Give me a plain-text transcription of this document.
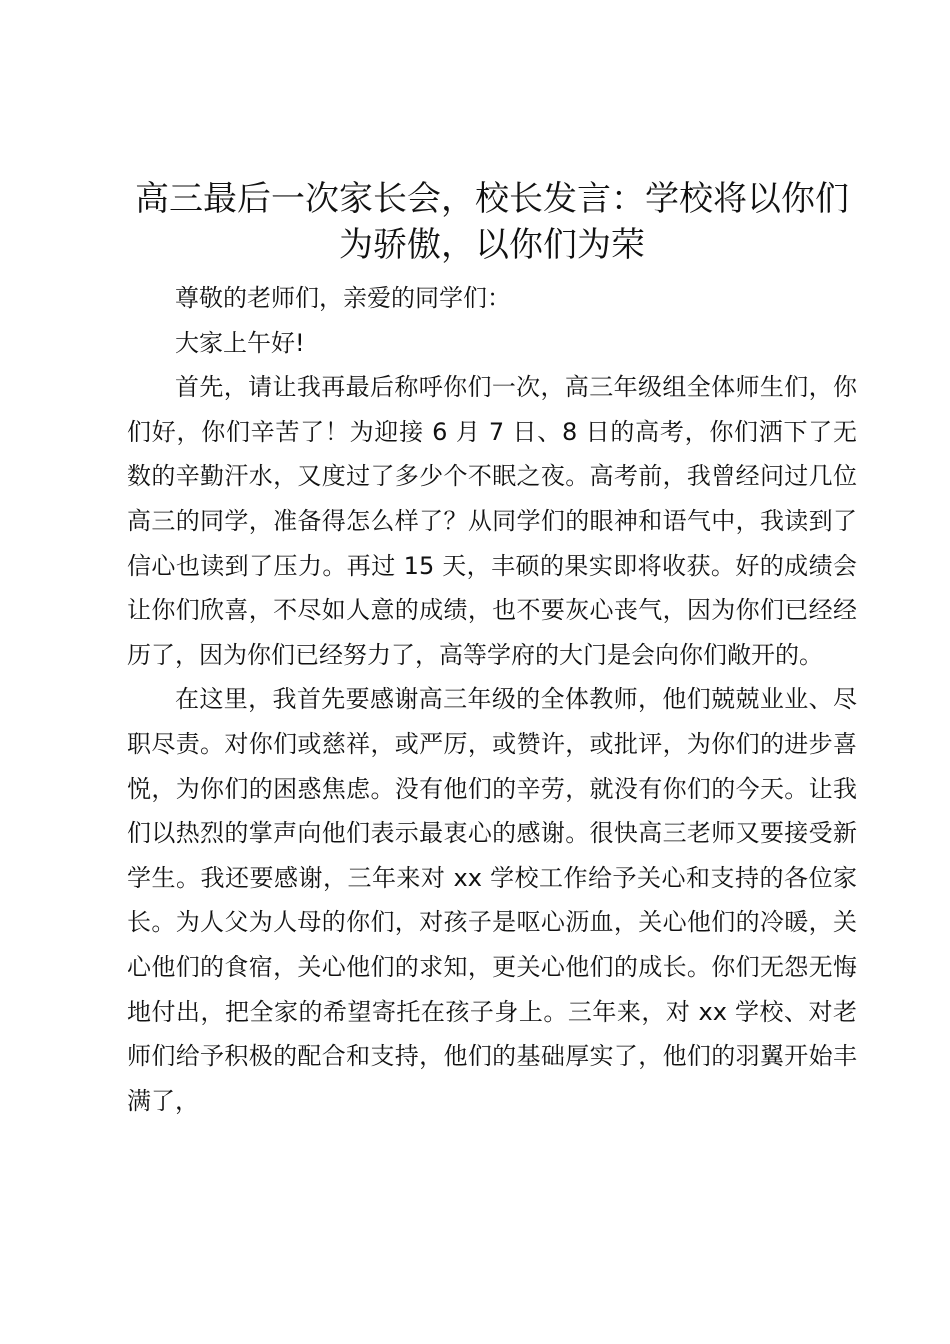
高三最后一次家长会，校长发言：学校将以你们为骄傲，以你们为荣

尊敬的老师们，亲爱的同学们：

大家上午好!

首先，请让我再最后称呼你们一次，高三年级组全体师生们，你们好，你们辛苦了！为迎接 6 月 7 日、8 日的高考，你们洒下了无数的辛勤汗水，又度过了多少个不眠之夜。高考前，我曾经问过几位高三的同学，准备得怎么样了？从同学们的眼神和语气中，我读到了信心也读到了压力。再过 15 天，丰硕的果实即将收获。好的成绩会让你们欣喜，不尽如人意的成绩，也不要灰心丧气，因为你们已经经历了，因为你们已经努力了，高等学府的大门是会向你们敞开的。

在这里，我首先要感谢高三年级的全体教师，他们兢兢业业、尽职尽责。对你们或慈祥，或严厉，或赞许，或批评，为你们的进步喜悦，为你们的困惑焦虑。没有他们的辛劳，就没有你们的今天。让我们以热烈的掌声向他们表示最衷心的感谢。很快高三老师又要接受新学生。我还要感谢，三年来对 xx 学校工作给予关心和支持的各位家长。为人父为人母的你们，对孩子是呕心沥血，关心他们的冷暖，关心他们的食宿，关心他们的求知，更关心他们的成长。你们无怨无悔地付出，把全家的希望寄托在孩子身上。三年来，对 xx 学校、对老师们给予积极的配合和支持，他们的基础厚实了，他们的羽翼开始丰满了，
